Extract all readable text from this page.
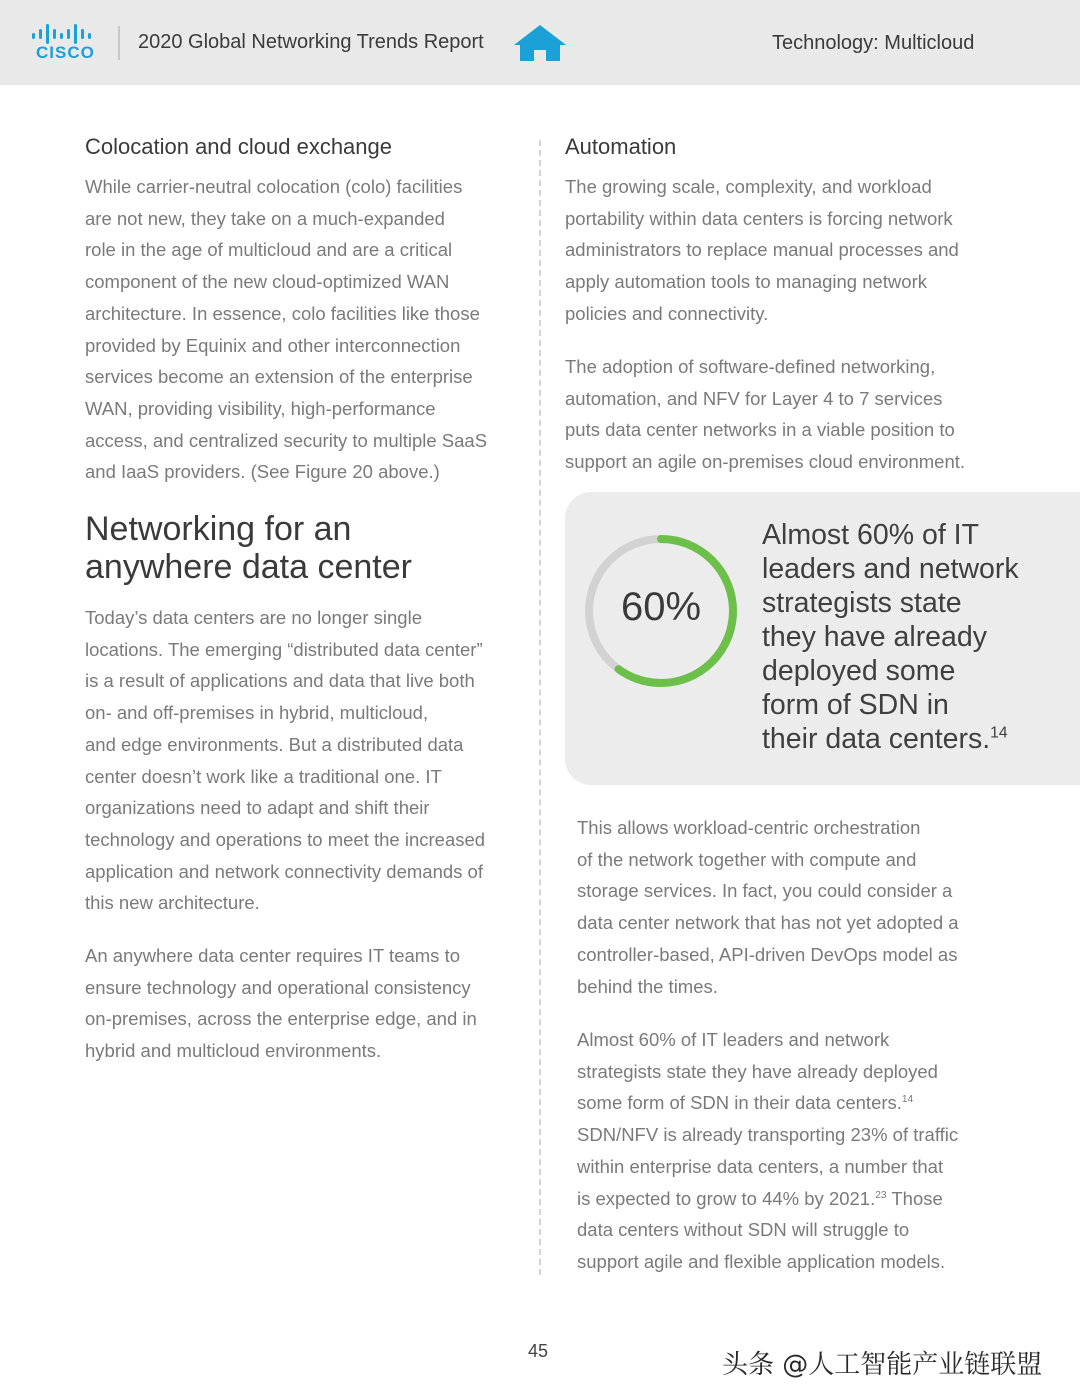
CISCO 2020 Global Networking Trends Report	Technology: Multicloud
Colocation and cloud exchange

While carrier-neutral colocation (colo) facilities
are not new, they take on a much-expanded
role in the age of multicloud and are a critical
component of the new cloud-optimized WAN
architecture. In essence, colo facilities like those
provided by Equinix and other interconnection
services become an extension of the enterprise
WAN, providing visibility, high-performance
access, and centralized security to multiple SaaS
and IaaS providers. (See Figure 20 above.)

Networking for an
anywhere data center

Today’s data centers are no longer single
locations. The emerging “distributed data center”
is a result of applications and data that live both
on- and off-premises in hybrid, multicloud,
and edge environments. But a distributed data
center doesn’t work like a traditional one. IT
organizations need to adapt and shift their
technology and operations to meet the increased
application and network connectivity demands of
this new architecture.

An anywhere data center requires IT teams to
ensure technology and operational consistency
on-premises, across the enterprise edge, and in
hybrid and multicloud environments.

Automation

The growing scale, complexity, and workload
portability within data centers is forcing network
administrators to replace manual processes and
apply automation tools to managing network
policies and connectivity.

The adoption of software-defined networking,
automation, and NFV for Layer 4 to 7 services
puts data center networks in a viable position to
support an agile on-premises cloud environment.

60%

Almost 60% of IT
leaders and network
strategists state
they have already
deployed some
form of SDN in
their data centers.$^{14}$

This allows workload-centric orchestration
of the network together with compute and
storage services. In fact, you could consider a
data center network that has not yet adopted a
controller-based, API-driven DevOps model as
behind the times.

Almost 60% of IT leaders and network
strategists state they have already deployed
some form of SDN in their data centers.$^{14}$
SDN/NFV is already transporting 23% of traffic
within enterprise data centers, a number that
is expected to grow to 44% by 2021.23 Those
data centers without SDN will struggle to
support agile and flexible application models.

45	头条 @人工智能产业链联盟
